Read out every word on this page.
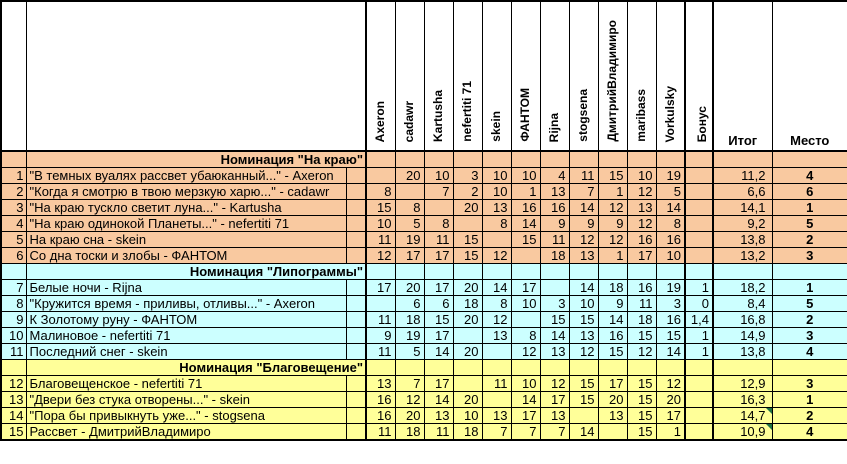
			Axeron	cadawr	Kartusha	nefertiti 71	skein	ФАНТОМ	Rijna	stogsena	ДмитрийВладимиро	maribass	Vorkulsky	Бонус	Итог	Место
	Номинация "На краю"															
1	"В темных вуалях рассвет убаюканный..." - Axeron			20	10	3	10	10	4	11	15	10	19		11,2	4
2	"Когда я смотрю в твою мерзкую харю..." - cadawr		8		7	2	10	1	13	7	1	12	5		6,6	6
3	"На краю тускло светит луна..." - Kartusha		15	8		20	13	16	16	14	12	13	14		14,1	1
4	"На краю одинокой Планеты..." - nefertiti 71		10	5	8		8	14	9	9	9	12	8		9,2	5
5	На краю сна - skein		11	19	11	15		15	11	12	12	16	16		13,8	2
6	Со дна тоски и злобы - ФАНТОМ		12	17	17	15	12		18	13	1	17	10		13,2	3
	Номинация "Липограммы"															
7	Белые ночи - Rijna		17	20	17	20	14	17		14	18	16	19	1	18,2	1
8	"Кружится время - приливы, отливы..." - Axeron			6	6	18	8	10	3	10	9	11	3	0	8,4	5
9	К Золотому руну - ФАНТОМ		11	18	15	20	12		15	15	14	18	16	1,4	16,8	2
10	Малиновое - nefertiti 71		9	19	17		13	8	14	13	16	15	15	1	14,9	3
11	Последний снег - skein		11	5	14	20		12	13	12	15	12	14	1	13,8	4
	Номинация "Благовещение"															
12	Благовещенское - nefertiti 71		13	7	17		11	10	12	15	17	15	12		12,9	3
13	"Двери без стука отворены..." - skein		16	12	14	20		14	17	15	20	15	20		16,3	1
14	"Пора бы привыкнуть уже..." - stogsena		16	20	13	10	13	17	13		13	15	17		14,7	2
15	Рассвет - ДмитрийВладимиро		11	18	11	18	7	7	7	14		15	1		10,9	4
